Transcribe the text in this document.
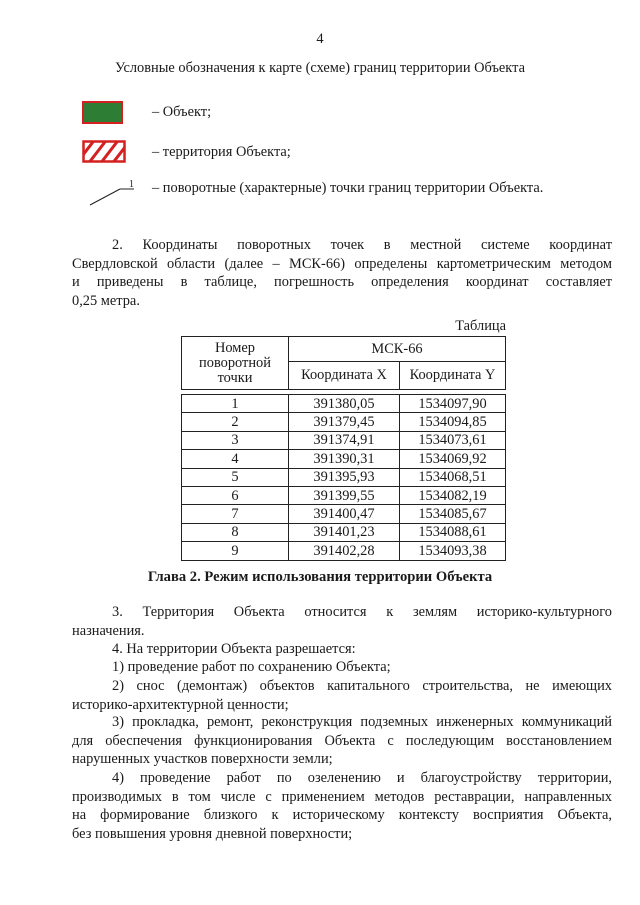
4
Условные обозначения к карте (схеме) границ территории Объекта
– Объект;
– территория Объекта;
1 – поворотные (характерные) точки границ территории Объекта.
2. Координаты поворотных точек в местной системе координат
Свердловской области (далее – МСК-66) определены картометрическим методом
и приведены в таблице, погрешность определения координат составляет
0,25 метра.
Таблица
Номер поворотной точки	МСК-66	
	Координата X	Координата Y

1	391380,05	1534097,90
2	391379,45	1534094,85
3	391374,91	1534073,61
4	391390,31	1534069,92
5	391395,93	1534068,51
6	391399,55	1534082,19
7	391400,47	1534085,67
8	391401,23	1534088,61
9	391402,28	1534093,38
Глава 2. Режим использования территории Объекта
3. Территория Объекта относится к землям историко-культурного
назначения.
4. На территории Объекта разрешается:
1) проведение работ по сохранению Объекта;
2) снос (демонтаж) объектов капитального строительства, не имеющих
историко-архитектурной ценности;
3) прокладка, ремонт, реконструкция подземных инженерных коммуникаций
для обеспечения функционирования Объекта с последующим восстановлением
нарушенных участков поверхности земли;
4) проведение работ по озеленению и благоустройству территории,
производимых в том числе с применением методов реставрации, направленных
на формирование близкого к историческому контексту восприятия Объекта,
без повышения уровня дневной поверхности;
